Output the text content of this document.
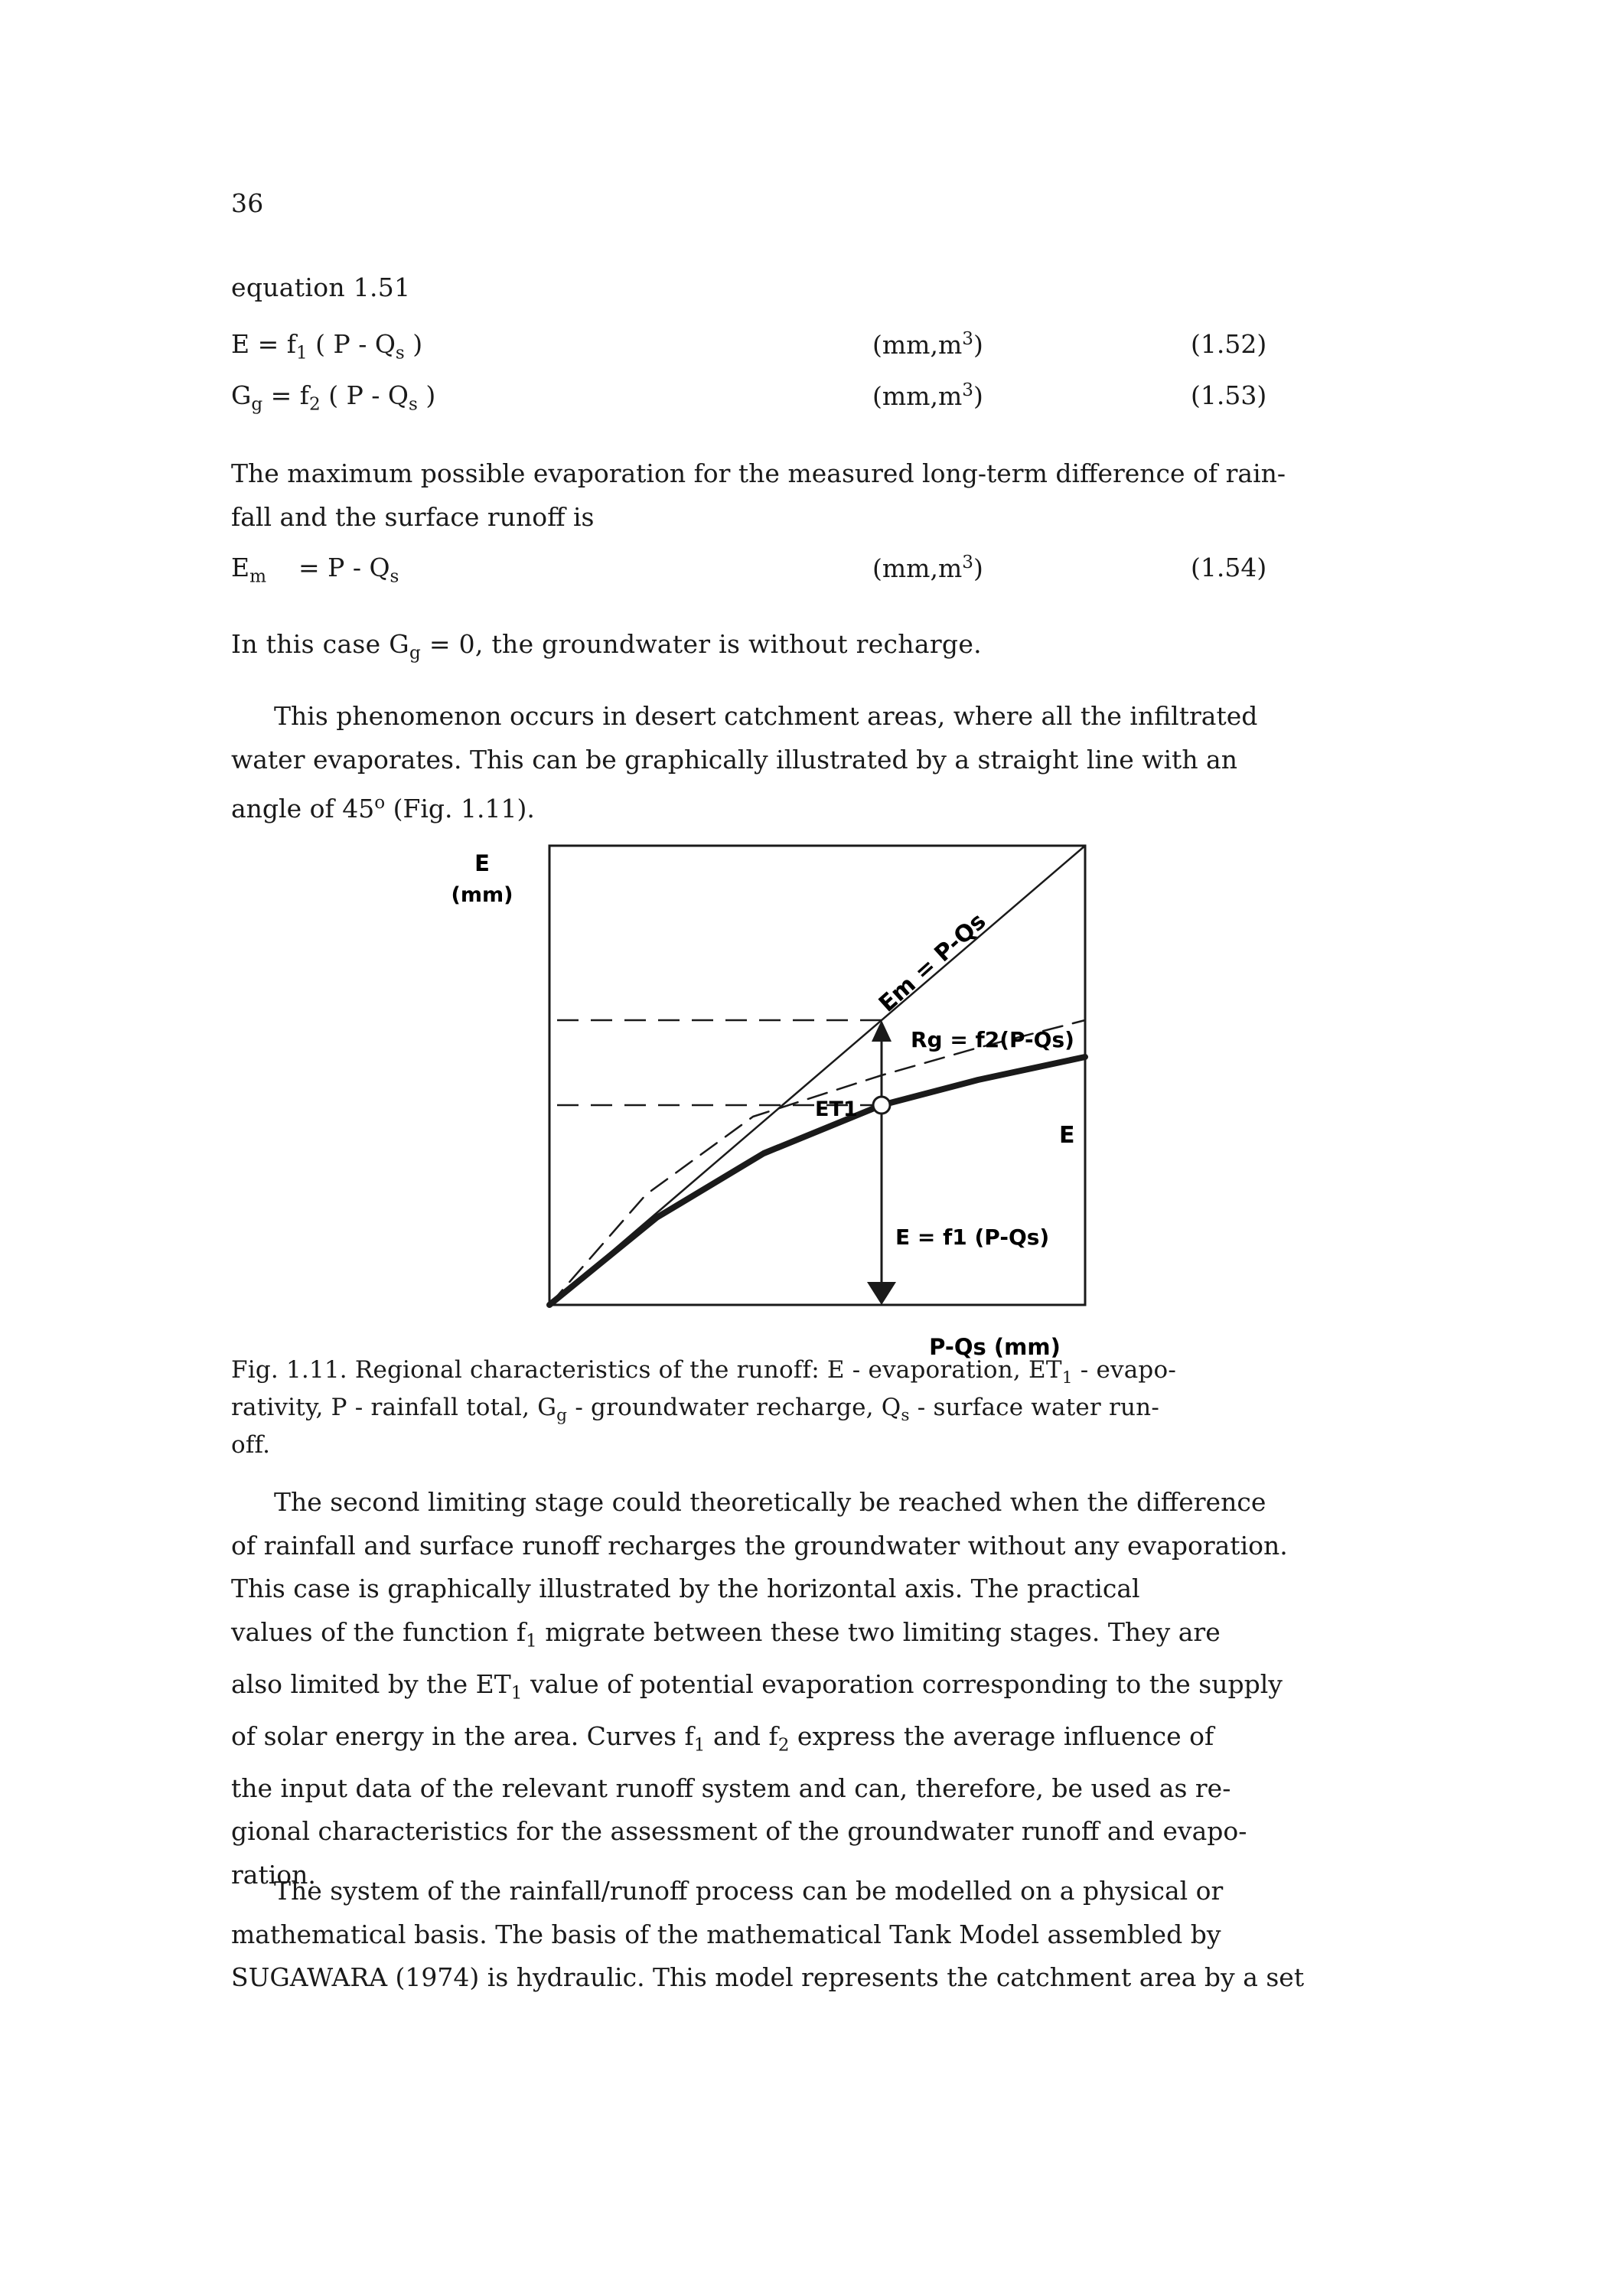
36
equation 1.51
$E = f_1$ ( P - $Q_s$ )	$(mm,m^3)$	(1.52)
$G_g = f_2$ ( P - $Q_s$ )	$(mm,m^3)$	(1.53)
The maximum possible evaporation for the measured long-term difference of rain-
fall and the surface runoff is
$E_m = P - Q_s$	$(mm,m^3)$	(1.54)
In this case $G_g = 0$, the groundwater is without recharge.
This phenomenon occurs in desert catchment areas, where all the infiltrated
water evaporates. This can be graphically illustrated by a straight line with an
angle of 45$^o$ (Fig. 1.11).
E
(mm)
P-Qs (mm)
Em = P-Qs
Rg = f2(P-Qs)
ET1
E
E = f1 (P-Qs)
Fig. 1.11. Regional characteristics of the runoff: E - evaporation, $ET_1$ - evapo-
rativity, P - rainfall total, $G_g$ - groundwater recharge, $Q_s$ - surface water run-
off.
The second limiting stage could theoretically be reached when the difference
of rainfall and surface runoff recharges the groundwater without any evaporation.
This case is graphically illustrated by the horizontal axis. The practical
values of the function $f_1$ migrate between these two limiting stages. They are
also limited by the $ET_1$ value of potential evaporation corresponding to the supply
of solar energy in the area. Curves $f_1$ and $f_2$ express the average influence of
the input data of the relevant runoff system and can, therefore, be used as re-
gional characteristics for the assessment of the groundwater runoff and evapo-
ration.
The system of the rainfall/runoff process can be modelled on a physical or
mathematical basis. The basis of the mathematical Tank Model assembled by
SUGAWARA (1974) is hydraulic. This model represents the catchment area by a set
